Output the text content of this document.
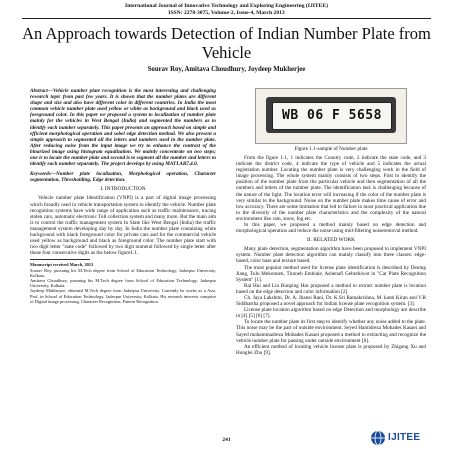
International Journal of Innovative Technology and Exploring Engineering (IJITEE)
ISSN: 2278-3075, Volume-2, Issue-4, March 2013
An Approach towards Detection of Indian Number Plate from Vehicle
Sourav Roy, Amitava Choudhury, Joydeep Mukherjee

Abstract—Vehicle number plate recognition is the most interesting and challenging research topic from past few years. It is shown that the number plates are different shape and size and also have different color in different countries. In India the most common vehicle number plate used yellow or white as background and black used as foreground color. In this paper we proposed a system to localization of number plate mainly for the vehicles in West Bengal (India) and segmented the numbers as to identify each number separately. This paper presents an approach based on simple and efficient morphological operation and sobel edge detection method. We also present a simple approach to segmented all the letters and numbers used in the number plate. After reducing noise from the input image we try to enhance the contrast of the binarized image using histogram equalization. We mainly concentrate on two steps; one is to locate the number plate and second is to segment all the number and letters to identify each number separately. The project develops by using MATLAB7.4.0.

Keywords—Number plate localization, Morphological operation, Character segmentation, Thresholding, Edge detection.

I. INTRODUCTION

Vehicle number plate Identification (VNPI) is a part of digital image processing which broadly used in vehicle transportation system to identify the vehicle. Number plate recognition systems have wide range of application such as traffic maintenance, tracing stolen cars, automatic electronic Toll collection system and many more. But the main aim is to control the traffic management system In State like West Bengal (India) the traffic management system developing day by day. In India the number plate containing white background with black foreground color for private cars and for the commercial vehicle used yellow as background and black as foreground color. The number plate start with two digit letter "state code" followed by two digit numeral followed by single letter after those four consecutive digits as the below figure1.1.

Manuscript received March, 2013

Sourav Roy, pursuing his M.Tech degree from School of Education Technology, Jadavpur University, Kolkata.

Amitava Choudhury, pursuing his M.Tech degree from School of Education Technology, Jadavpur University, Kolkata.

Joydeep Mukherjee, obtained M.Tech degree from Jadavpur University. Currently he works as a Asst. Prof. in School of Education Technology, Jadavpur University, Kolkata. His research interests comprise of Digital image processing, Character Recognition, Pattern Recognition.

WB 06 F 5658
Figure 1.1-sample of Number plate

From the figure 1.1, 1 indicates the Country code, 2 indicate the state code, and 3 indicate the district code, 4 indicate the type of vehicle and 5 indicates the actual registration number. Locating the number plate is very challenging work in the field of image processing. The whole system mainly consists of two steps. First to identify the position of the number plate from the particular vehicle and then segmentation of all the numbers and letters of the number plate. The identification task is challenging because of the nature of the light. The location error will increasing if the color of the number plate is very similar to the background. Noise on the number plate makes time cause of error and low accuracy. There are some limitation that led to failure in most practical application due to the diversity of the number plate characteristics and the complexity of the natural environment like rain, snow, fog etc.

In this paper, we proposed a method mainly based on edge detection and morphological operation and reduce the noise using mid-filtering noiseremoval method.

II. RELATED WORK

Many plate detection, segmentation algorithm have been proposed to implement VNPI system. Number plate detection algorithm can mainly classify into three classes: edge-based, color base and texture based.

The most popular method used for license plate identification is described by Dening Jiang, Tulu Mekonnen, Tiruneh Embiale, Ashenafi Gebrehiwot in "Car Plate Recognition System" [1].

Bai Hui and Liu Runping Has proposed a method to extract number plate is location based on the edge detection and color information [2].

Ch. Jaya Lakshmi, Dr. A. Jhansi Rani, Dr. K.Sri Ramakrishna, M. kanti Kiran and V.R Siddhartha proposed a novel approach for Indian license plate recognition system. [3].

License plate location algorithm based on edge Detection and morphology are describe in [4] [5] [6] [7].

To locate the number plate its first step to identify whether any noise added to the plate. This noise may be the part of outside environment. Seyed Hamidreza Mohades Kasaei and Sayed mohammadreza Mohades Kasaei proposed a method to extracting and recognize the vehicle number plate for passing under outside environment [8].

An efficient method of locating vehicle license plate is proposed by Zhigang Xu and Honglei Zhu [9].

241	IJITEE
